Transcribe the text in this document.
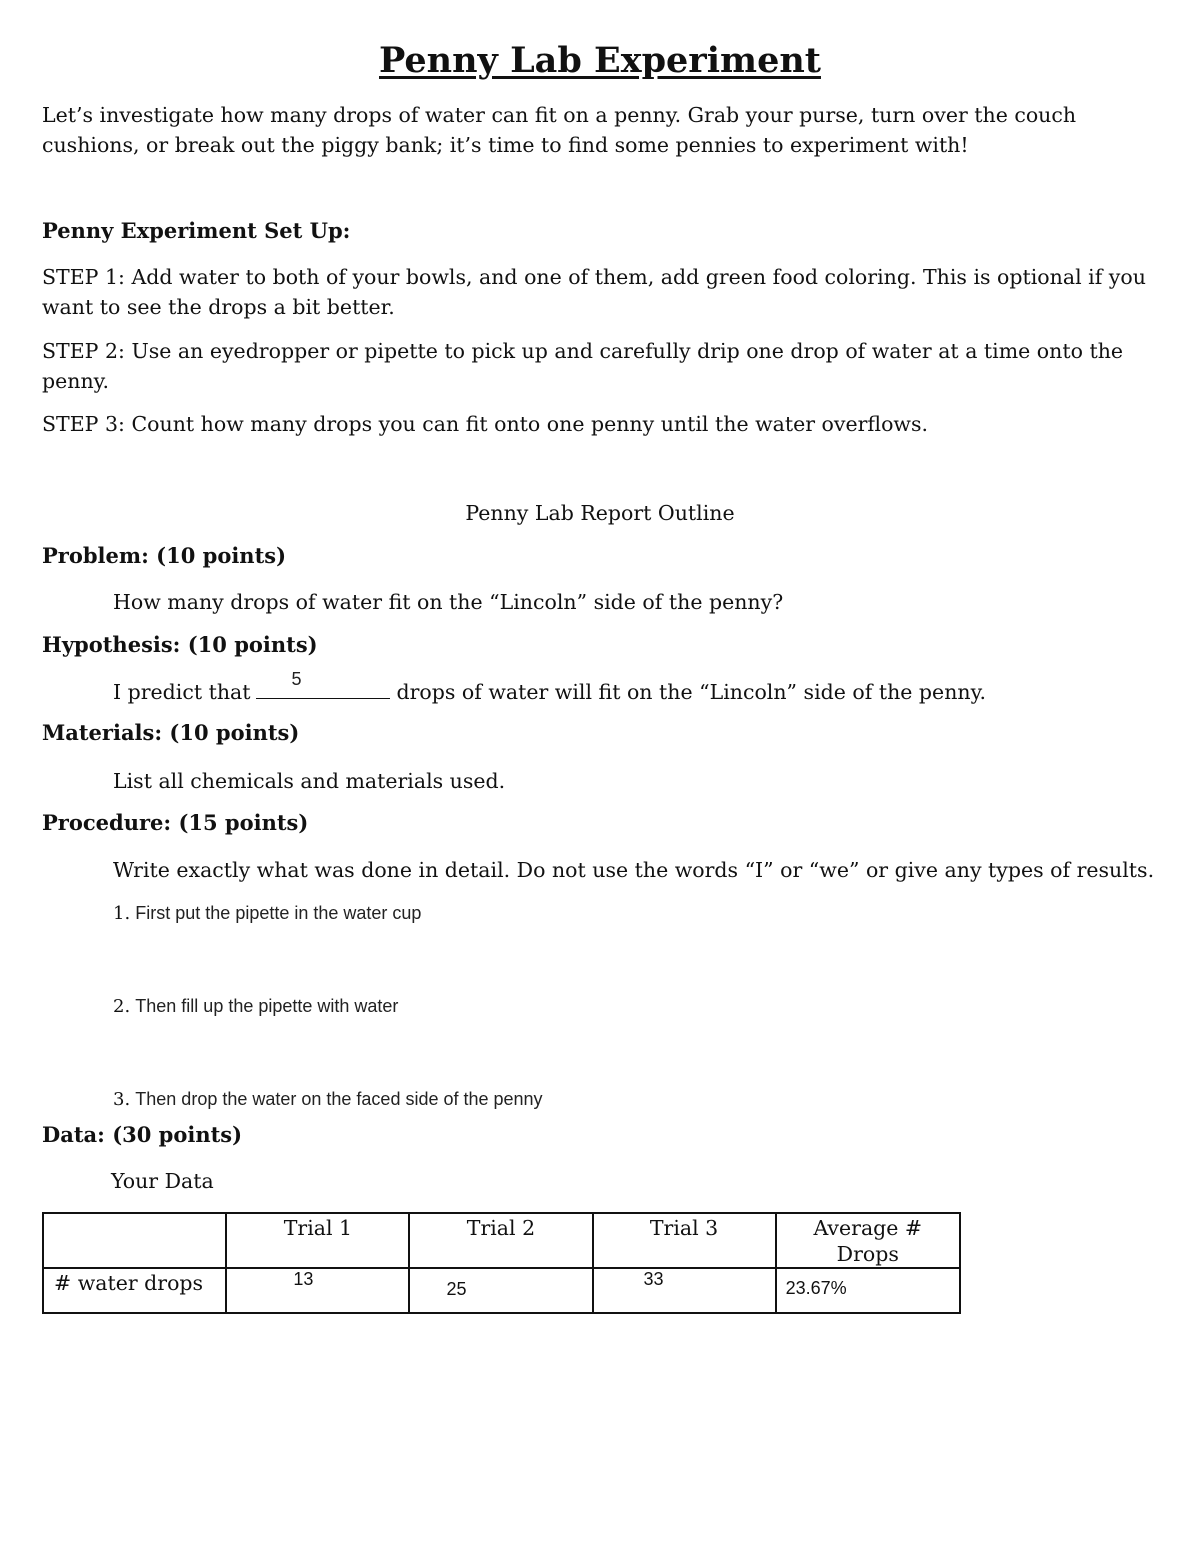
Penny Lab Experiment
Let’s investigate how many drops of water can fit on a penny. Grab your purse, turn over the couch cushions, or break out the piggy bank; it’s time to find some pennies to experiment with!
Penny Experiment Set Up:
STEP 1: Add water to both of your bowls, and one of them, add green food coloring. This is optional if you want to see the drops a bit better.
STEP 2: Use an eyedropper or pipette to pick up and carefully drip one drop of water at a time onto the penny.
STEP 3: Count how many drops you can fit onto one penny until the water overflows.
Penny Lab Report Outline
Problem: (10 points)
How many drops of water fit on the “Lincoln” side of the penny?
Hypothesis: (10 points)
I predict that
5
drops of water will fit on the “Lincoln” side of the penny.
Materials: (10 points)
List all chemicals and materials used.
Procedure: (15 points)
Write exactly what was done in detail. Do not use the words “I” or “we” or give any types of results.
1. First put the pipette in the water cup
2. Then fill up the pipette with water
3. Then drop the water on the faced side of the penny
Data: (30 points)
Your Data

	Trial 1	Trial 2	Trial 3	Average # Drops

# water drops	13	25	33	23.67%
